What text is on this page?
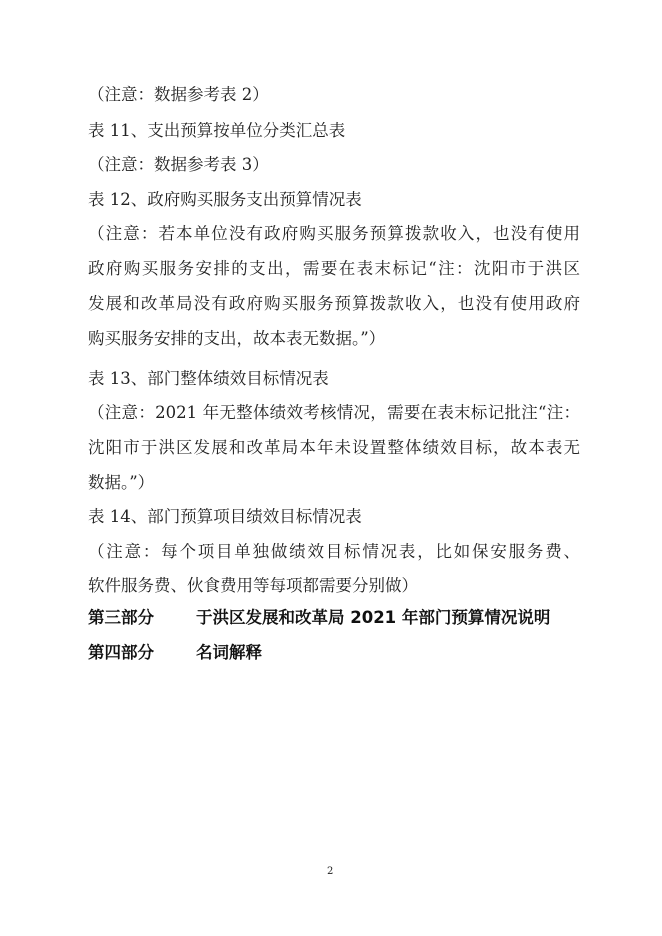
（注意：数据参考表 2）
表 11、支出预算按单位分类汇总表
（注意：数据参考表 3）
表 12、政府购买服务支出预算情况表
（注意：若本单位没有政府购买服务预算拨款收入，也没有使用
政府购买服务安排的支出，需要在表末标记“注：沈阳市于洪区
发展和改革局没有政府购买服务预算拨款收入，也没有使用政府
购买服务安排的支出，故本表无数据。”）
表 13、部门整体绩效目标情况表
（注意：2021 年无整体绩效考核情况，需要在表末标记批注“注：
沈阳市于洪区发展和改革局本年未设置整体绩效目标，故本表无
数据。”）
表 14、部门预算项目绩效目标情况表
（注意：每个项目单独做绩效目标情况表，比如保安服务费、
软件服务费、伙食费用等每项都需要分别做）
第三部分	于洪区发展和改革局 2021 年部门预算情况说明
第四部分	名词解释
2
